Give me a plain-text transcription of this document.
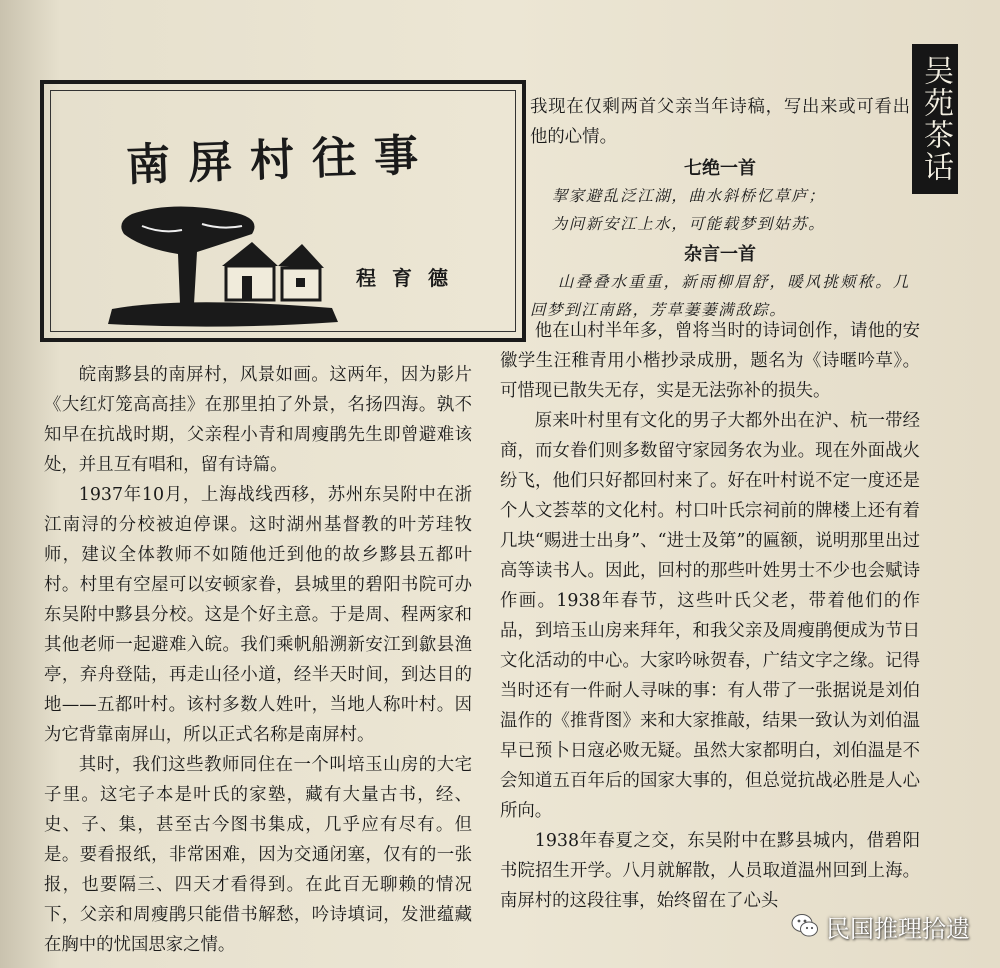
南屏村往事
程育德
吴苑茶话

皖南黟县的南屏村，风景如画。这两年，因为影片《大红灯笼高高挂》在那里拍了外景，名扬四海。孰不知早在抗战时期，父亲程小青和周瘦鹃先生即曾避难该处，并且互有唱和，留有诗篇。

1937年10月，上海战线西移，苏州东吴附中在浙江南浔的分校被迫停课。这时湖州基督教的叶芳珪牧师，建议全体教师不如随他迁到他的故乡黟县五都叶村。村里有空屋可以安顿家眷，县城里的碧阳书院可办东吴附中黟县分校。这是个好主意。于是周、程两家和其他老师一起避难入皖。我们乘帆船溯新安江到歙县渔亭，弃舟登陆，再走山径小道，经半天时间，到达目的地——五都叶村。该村多数人姓叶，当地人称叶村。因为它背靠南屏山，所以正式名称是南屏村。

其时，我们这些教师同住在一个叫培玉山房的大宅子里。这宅子本是叶氏的家塾，藏有大量古书，经、史、子、集，甚至古今图书集成，几乎应有尽有。但是。要看报纸，非常困难，因为交通闭塞，仅有的一张报，也要隔三、四天才看得到。在此百无聊赖的情况下，父亲和周瘦鹃只能借书解愁，吟诗填词，发泄蕴藏在胸中的忧国思家之情。

我现在仅剩两首父亲当年诗稿，写出来或可看出他的心情。

七绝一首
挈家避乱泛江湖，曲水斜桥忆草庐；
为问新安江上水，可能载梦到姑苏。
杂言一首

山叠叠水重重，新雨柳眉舒，暖风挑颊秾。几回梦到江南路，芳草萋萋满敌踪。

他在山村半年多，曾将当时的诗词创作，请他的安徽学生汪稚青用小楷抄录成册，题名为《诗暱吟草》。可惜现已散失无存，实是无法弥补的损失。

原来叶村里有文化的男子大都外出在沪、杭一带经商，而女眷们则多数留守家园务农为业。现在外面战火纷飞，他们只好都回村来了。好在叶村说不定一度还是个人文荟萃的文化村。村口叶氏宗祠前的牌楼上还有着几块“赐进士出身”、“进士及第”的匾额，说明那里出过高等读书人。因此，回村的那些叶姓男士不少也会赋诗作画。1938年春节，这些叶氏父老，带着他们的作品，到培玉山房来拜年，和我父亲及周瘦鹃便成为节日文化活动的中心。大家吟咏贺春，广结文字之缘。记得当时还有一件耐人寻味的事：有人带了一张据说是刘伯温作的《推背图》来和大家推敲，结果一致认为刘伯温早已预卜日寇必败无疑。虽然大家都明白，刘伯温是不会知道五百年后的国家大事的，但总觉抗战必胜是人心所向。

1938年春夏之交，东吴附中在黟县城内，借碧阳书院招生开学。八月就解散，人员取道温州回到上海。南屏村的这段往事，始终留在了心头

民国推理拾遗
